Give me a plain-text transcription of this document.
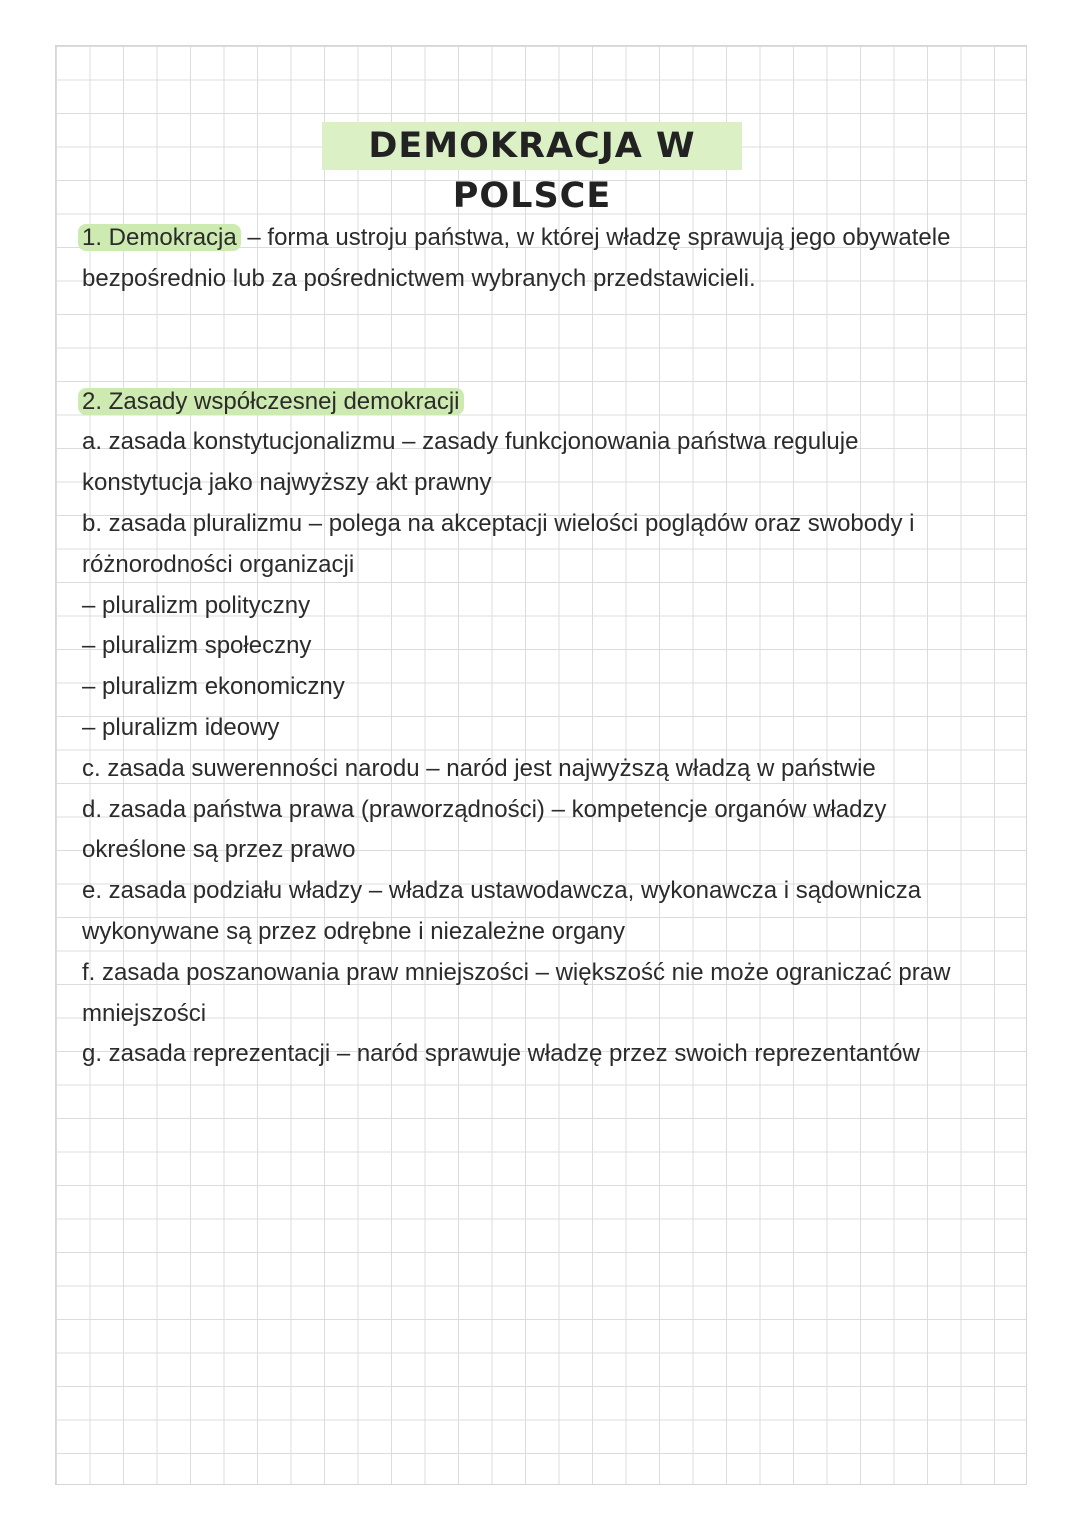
DEMOKRACJA W POLSCE
1. Demokracja – forma ustroju państwa, w której władzę sprawują jego obywatele
bezpośrednio lub za pośrednictwem wybranych przedstawicieli.
2. Zasady współczesnej demokracji
a. zasada konstytucjonalizmu – zasady funkcjonowania państwa reguluje
konstytucja jako najwyższy akt prawny
b. zasada pluralizmu – polega na akceptacji wielości poglądów oraz swobody i
różnorodności organizacji
– pluralizm polityczny
– pluralizm społeczny
– pluralizm ekonomiczny
– pluralizm ideowy
c. zasada suwerenności narodu – naród jest najwyższą władzą w państwie
d. zasada państwa prawa (praworządności) – kompetencje organów władzy
określone są przez prawo
e. zasada podziału władzy – władza ustawodawcza, wykonawcza i sądownicza
wykonywane są przez odrębne i niezależne organy
f. zasada poszanowania praw mniejszości – większość nie może ograniczać praw
mniejszości
g. zasada reprezentacji – naród sprawuje władzę przez swoich reprezentantów
